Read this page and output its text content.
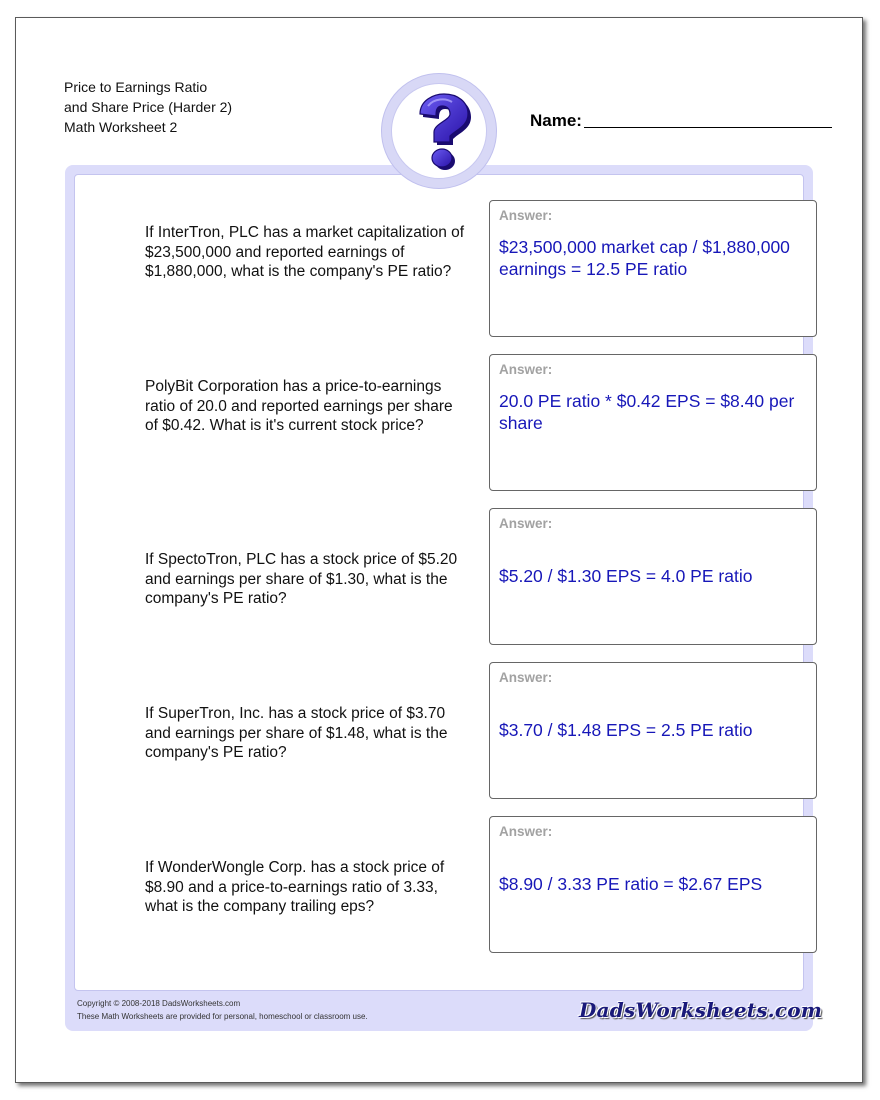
Price to Earnings Ratio
and Share Price (Harder 2)
Math Worksheet 2	Name:
If InterTron, PLC has a market capitalization of $23,500,000 and reported earnings of $1,880,000, what is the company's PE ratio?
Answer:
$23,500,000 market cap / $1,880,000 earnings = 12.5 PE ratio
PolyBit Corporation has a price-to-earnings ratio of 20.0 and reported earnings per share of $0.42. What is it's current stock price?
Answer:
20.0 PE ratio * $0.42 EPS = $8.40 per share
If SpectoTron, PLC has a stock price of $5.20 and earnings per share of $1.30, what is the company's PE ratio?
Answer:
$5.20 / $1.30 EPS = 4.0 PE ratio
If SuperTron, Inc. has a stock price of $3.70 and earnings per share of $1.48, what is the company's PE ratio?
Answer:
$3.70 / $1.48 EPS = 2.5 PE ratio
If WonderWongle Corp. has a stock price of $8.90 and a price-to-earnings ratio of 3.33, what is the company trailing eps?
Answer:
$8.90 / 3.33 PE ratio = $2.67 EPS
Copyright © 2008-2018 DadsWorksheets.com
These Math Worksheets are provided for personal, homeschool or classroom use.	DadsWorksheets.com
